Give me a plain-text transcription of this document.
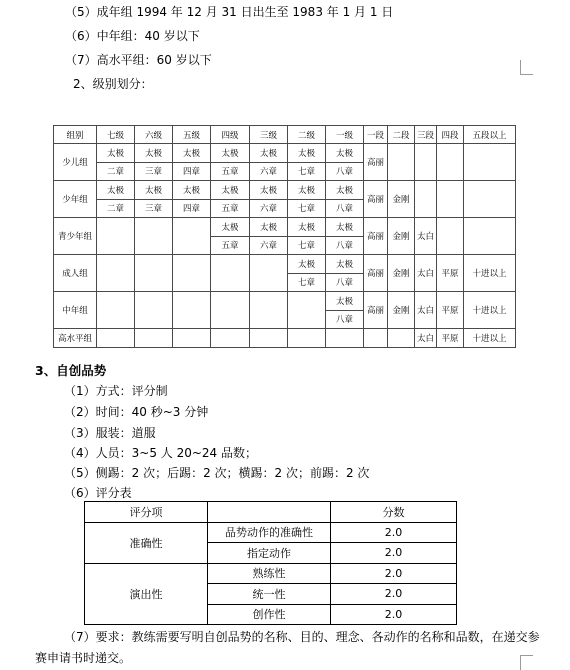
（5）成年组 1994 年 12 月 31 日出生至 1983 年 1 月 1 日
（6）中年组：40 岁以下
（7）高水平组：60 岁以下
2、级别划分：
组别	七级	六级	五级	四级	三级	二级	一级	一段	二段	三段	四段	五段以上
少儿组	太极	太极	太极	太极	太极	太极	太极	高丽				
	二章	三章	四章	五章	六章	七章	八章					
少年组	太极	太极	太极	太极	太极	太极	太极	高丽	金刚			
	二章	三章	四章	五章	六章	七章	八章					
青少年组				太极	太极	太极	太极	高丽	金刚	太白		
				五章	六章	七章	八章					
成人组						太极	太极	高丽	金刚	太白	平原	十进以上
						七章	八章					
中年组							太极	高丽	金刚	太白	平原	十进以上
							八章					
高水平组										太白	平原	十进以上
3、自创品势
（1）方式：评分制
（2）时间：40 秒~3 分钟
（3）服装：道服
（4）人员：3~5 人 20~24 品数；
（5）侧踢：2 次；后踢：2 次；横踢：2 次；前踢：2 次
（6）评分表
评分项		分数
准确性	品势动作的准确性	2.0
	指定动作	2.0
演出性	熟练性	2.0
	统一性	2.0
	创作性	2.0
（7）要求：教练需要写明自创品势的名称、目的、理念、各动作的名称和品数，在递交参
赛申请书时递交。
